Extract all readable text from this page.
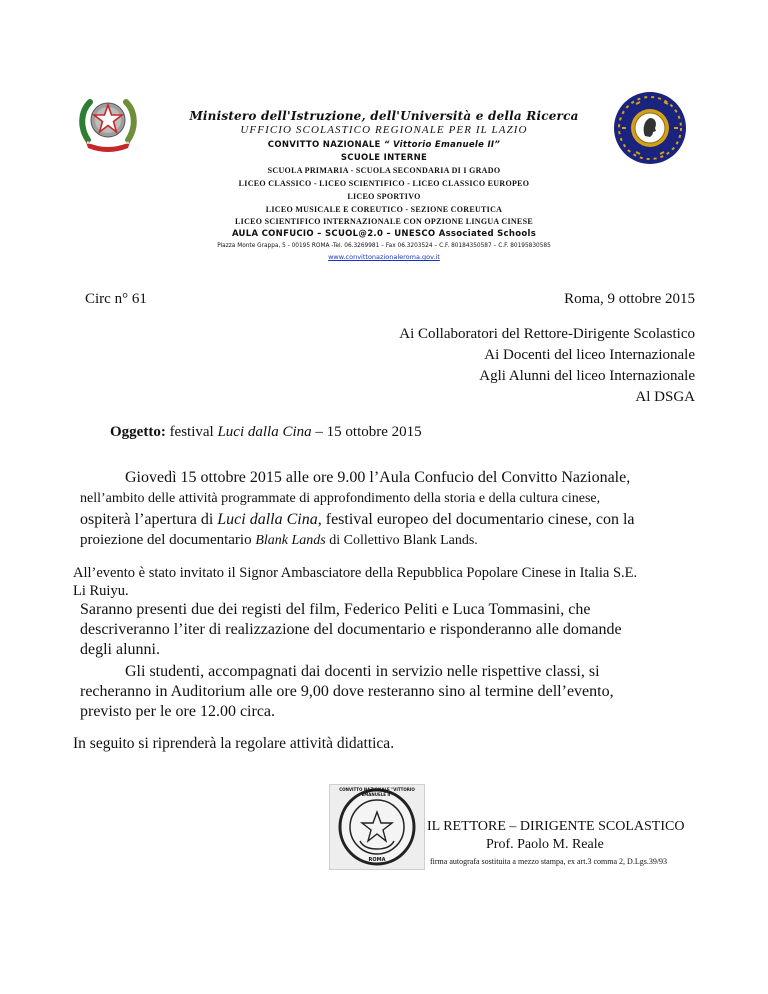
REPUBBLICA ITALIANA
Ministero dell'Istruzione, dell'Università e della Ricerca
UFFICIO SCOLASTICO REGIONALE PER IL LAZIO
CONVITTO NAZIONALE “ Vittorio Emanuele II”
SCUOLE INTERNE
SCUOLA PRIMARIA - SCUOLA SECONDARIA DI I GRADO
LICEO CLASSICO - LICEO SCIENTIFICO - LICEO CLASSICO EUROPEO
LICEO SPORTIVO
LICEO MUSICALE E COREUTICO - SEZIONE COREUTICA
LICEO SCIENTIFICO INTERNAZIONALE CON OPZIONE LINGUA CINESE
AULA CONFUCIO – SCUOL@2.0 – UNESCO Associated Schools
Piazza Monte Grappa, 5 - 00195 ROMA -Tel. 06.3269981 – Fax 06.3203524 – C.F. 80184350587 – C.F. 80195830585
www.convittonazionaleroma.gov.it
Circ n° 61	Roma, 9 ottobre 2015
Ai Collaboratori del Rettore-Dirigente Scolastico
Ai Docenti del liceo Internazionale
Agli Alunni del liceo Internazionale
Al DSGA
Oggetto: festival Luci dalla Cina – 15 ottobre 2015
Giovedì 15 ottobre 2015 alle ore 9.00 l’Aula Confucio del Convitto Nazionale,
nell’ambito delle attività programmate di approfondimento della storia e della cultura cinese,
ospiterà l’apertura di Luci dalla Cina, festival europeo del documentario cinese, con la
proiezione del documentario Blank Lands di Collettivo Blank Lands.
All’evento è stato invitato il Signor Ambasciatore della Repubblica Popolare Cinese in Italia S.E.
Li Ruiyu.
Saranno presenti due dei registi del film, Federico Peliti e Luca Tommasini, che
descriveranno l’iter di realizzazione del documentario e risponderanno alle domande
degli alunni.
Gli studenti, accompagnati dai docenti in servizio nelle rispettive classi, si
recheranno in Auditorium alle ore 9,00 dove resteranno sino al termine dell’evento,
previsto per le ore 12.00 circa.
In seguito si riprenderà la regolare attività didattica.
CONVITTO NAZIONALE "VITTORIO EMANUELE II"
ROMA
IL RETTORE – DIRIGENTE SCOLASTICO
Prof. Paolo M. Reale
firma autografa sostituita a mezzo stampa, ex art.3 comma 2, D.Lgs.39/93
